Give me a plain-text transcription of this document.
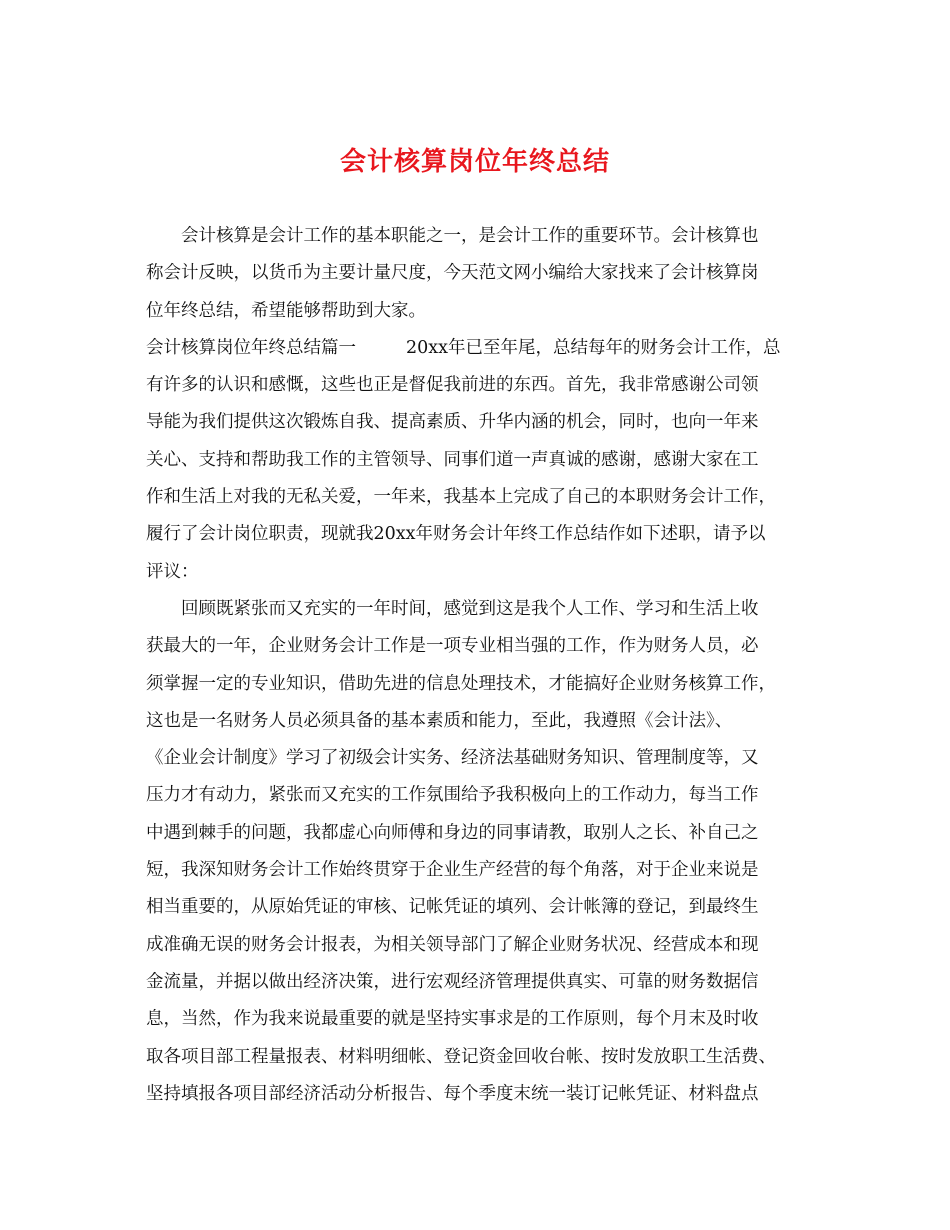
会计核算岗位年终总结
会计核算是会计工作的基本职能之一，是会计工作的重要环节。会计核算也
称会计反映，以货币为主要计量尺度，今天范文网小编给大家找来了会计核算岗
位年终总结，希望能够帮助到大家。
会计核算岗位年终总结篇一	20xx年已至年尾，总结每年的财务会计工作，总
有许多的认识和感慨，这些也正是督促我前进的东西。首先，我非常感谢公司领
导能为我们提供这次锻炼自我、提高素质、升华内涵的机会，同时，也向一年来
关心、支持和帮助我工作的主管领导、同事们道一声真诚的感谢，感谢大家在工
作和生活上对我的无私关爱，一年来，我基本上完成了自己的本职财务会计工作，
履行了会计岗位职责，现就我20xx年财务会计年终工作总结作如下述职，请予以
评议：
回顾既紧张而又充实的一年时间，感觉到这是我个人工作、学习和生活上收
获最大的一年，企业财务会计工作是一项专业相当强的工作，作为财务人员，必
须掌握一定的专业知识，借助先进的信息处理技术，才能搞好企业财务核算工作，
这也是一名财务人员必须具备的基本素质和能力，至此，我遵照《会计法》、
《企业会计制度》学习了初级会计实务、经济法基础财务知识、管理制度等，又
压力才有动力，紧张而又充实的工作氛围给予我积极向上的工作动力，每当工作
中遇到棘手的问题，我都虚心向师傅和身边的同事请教，取别人之长、补自己之
短，我深知财务会计工作始终贯穿于企业生产经营的每个角落，对于企业来说是
相当重要的，从原始凭证的审核、记帐凭证的填列、会计帐簿的登记，到最终生
成准确无误的财务会计报表，为相关领导部门了解企业财务状况、经营成本和现
金流量，并据以做出经济决策，进行宏观经济管理提供真实、可靠的财务数据信
息，当然，作为我来说最重要的就是坚持实事求是的工作原则，每个月末及时收
取各项目部工程量报表、材料明细帐、登记资金回收台帐、按时发放职工生活费、
坚持填报各项目部经济活动分析报告、每个季度末统一装订记帐凭证、材料盘点
